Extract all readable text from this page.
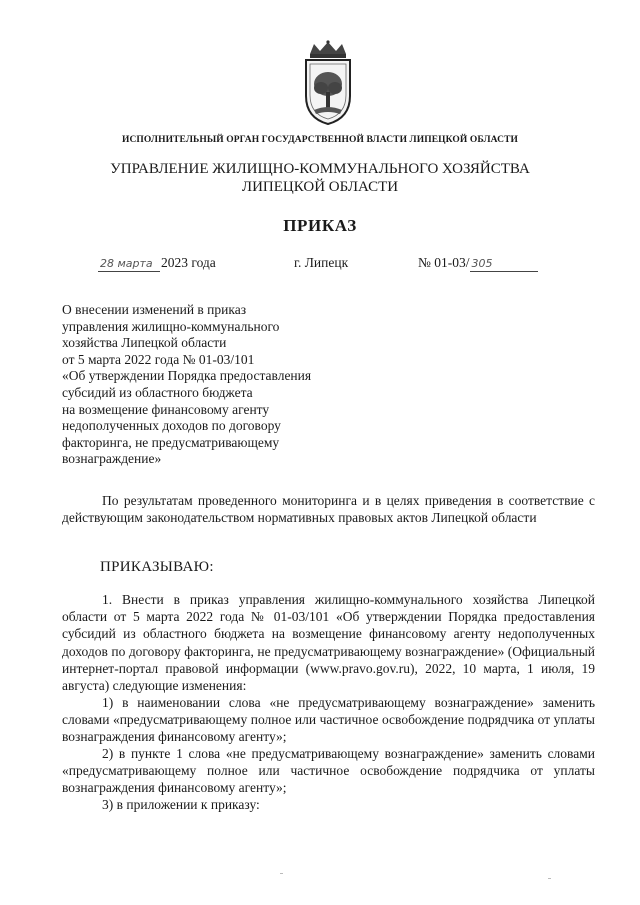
ИСПОЛНИТЕЛЬНЫЙ ОРГАН ГОСУДАРСТВЕННОЙ ВЛАСТИ ЛИПЕЦКОЙ ОБЛАСТИ
УПРАВЛЕНИЕ ЖИЛИЩНО-КОММУНАЛЬНОГО ХОЗЯЙСТВА
ЛИПЕЦКОЙ ОБЛАСТИ
ПРИКАЗ
28 марта 2023 года	г. Липецк	№ 01-03/ 305
О внесении изменений в приказ
управления жилищно-коммунального
хозяйства Липецкой области
от 5 марта 2022 года № 01-03/101
«Об утверждении Порядка предоставления
субсидий из областного бюджета
на возмещение финансовому агенту
недополученных доходов по договору
факторинга, не предусматривающему
вознаграждение»
По результатам проведенного мониторинга и в целях приведения в соответствие с действующим законодательством нормативных правовых актов Липецкой области
ПРИКАЗЫВАЮ:
1. Внести в приказ управления жилищно-коммунального хозяйства Липецкой области от 5 марта 2022 года № 01-03/101 «Об утверждении Порядка предоставления субсидий из областного бюджета на возмещение финансовому агенту недополученных доходов по договору факторинга, не предусматривающему вознаграждение» (Официальный интернет-портал правовой информации (www.pravo.gov.ru), 2022, 10 марта, 1 июля, 19 августа) следующие изменения:
1) в наименовании слова «не предусматривающему вознаграждение» заменить словами «предусматривающему полное или частичное освобождение подрядчика от уплаты вознаграждения финансовому агенту»;
2) в пункте 1 слова «не предусматривающему вознаграждение» заменить словами «предусматривающему полное или частичное освобождение подрядчика от уплаты вознаграждения финансовому агенту»;
3) в приложении к приказу:
